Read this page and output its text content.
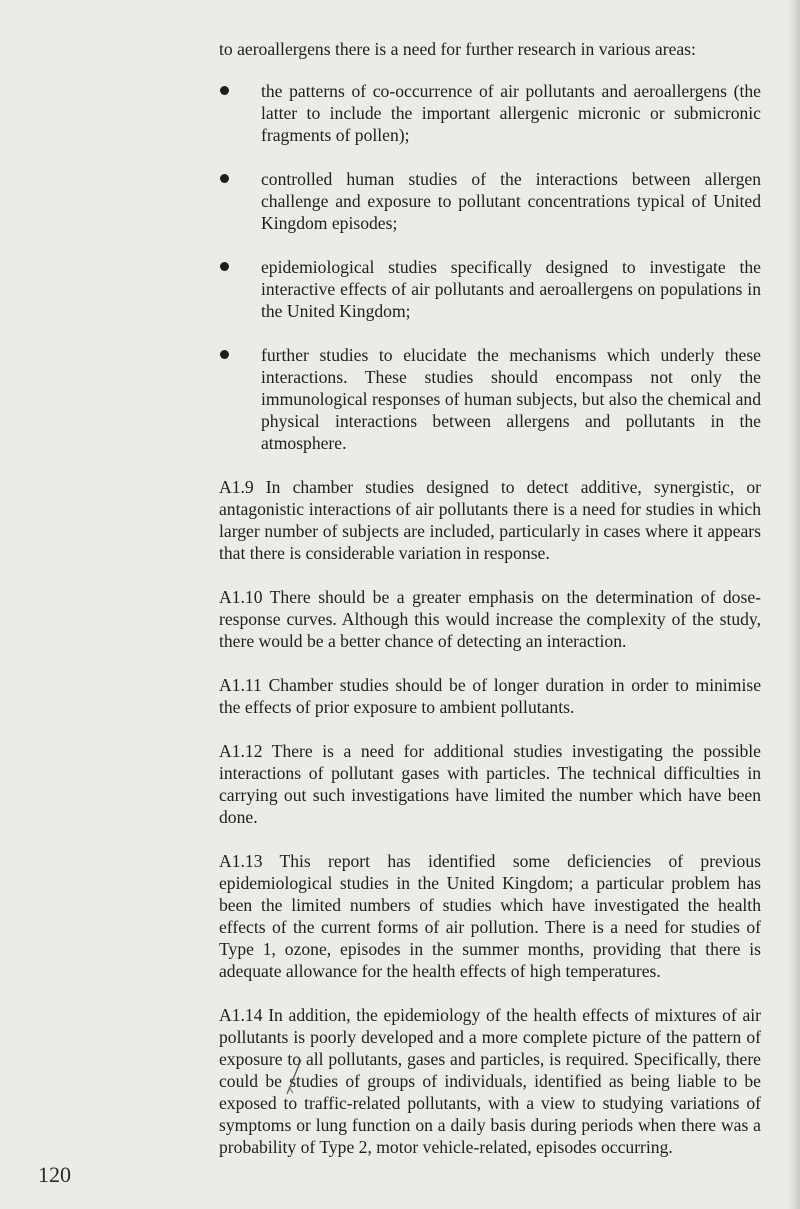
to aeroallergens there is a need for further research in various areas:

the patterns of co-occurrence of air pollutants and aeroallergens (the latter to include the important allergenic micronic or submicronic fragments of pollen);
controlled human studies of the interactions between allergen challenge and exposure to pollutant concentrations typical of United Kingdom episodes;
epidemiological studies specifically designed to investigate the interactive effects of air pollutants and aeroallergens on populations in the United Kingdom;
further studies to elucidate the mechanisms which underly these interactions. These studies should encompass not only the immunological responses of human subjects, but also the chemical and physical interactions between allergens and pollutants in the atmosphere.

A1.9 In chamber studies designed to detect additive, synergistic, or antagonistic interactions of air pollutants there is a need for studies in which larger number of subjects are included, particularly in cases where it appears that there is considerable variation in response.

A1.10 There should be a greater emphasis on the determination of dose-response curves. Although this would increase the complexity of the study, there would be a better chance of detecting an interaction.

A1.11 Chamber studies should be of longer duration in order to minimise the effects of prior exposure to ambient pollutants.

A1.12 There is a need for additional studies investigating the possible interactions of pollutant gases with particles. The technical difficulties in carrying out such investigations have limited the number which have been done.

A1.13 This report has identified some deficiencies of previous epidemiological studies in the United Kingdom; a particular problem has been the limited numbers of studies which have investigated the health effects of the current forms of air pollution. There is a need for studies of Type 1, ozone, episodes in the summer months, providing that there is adequate allowance for the health effects of high temperatures.

A1.14 In addition, the epidemiology of the health effects of mixtures of air pollutants is poorly developed and a more complete picture of the pattern of exposure to all pollutants, gases and particles, is required. Specifically, there could be studies of groups of individuals, identified as being liable to be exposed to traffic-related pollutants, with a view to studying variations of symptoms or lung function on a daily basis during periods when there was a probability of Type 2, motor vehicle-related, episodes occurring.

120
